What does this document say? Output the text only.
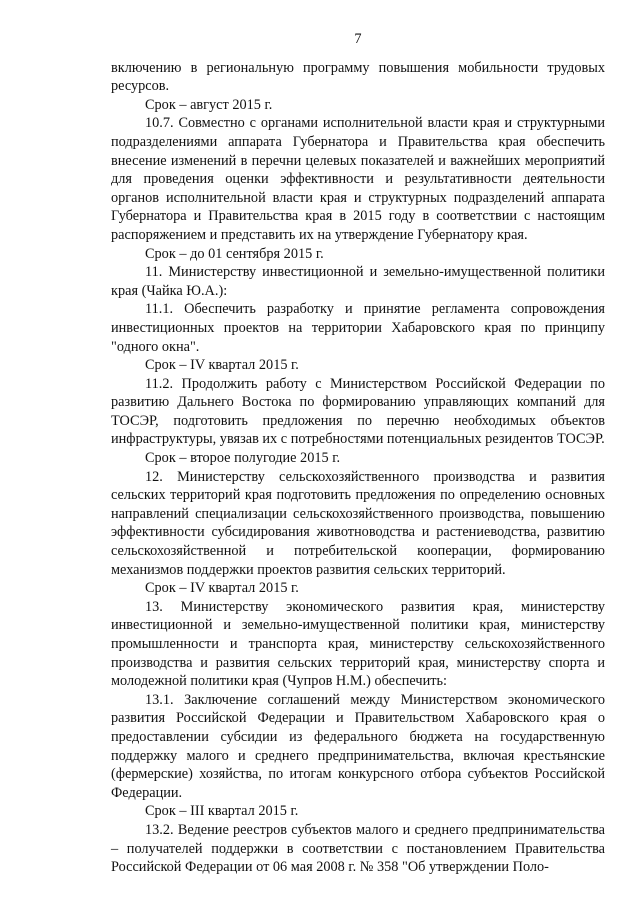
7

включению в региональную программу повышения мобильности трудовых ресурсов.

Срок – август 2015 г.

10.7. Совместно с органами исполнительной власти края и структурными подразделениями аппарата Губернатора и Правительства края обеспечить внесение изменений в перечни целевых показателей и важнейших мероприятий для проведения оценки эффективности и результативности деятельности органов исполнительной власти края и структурных подразделений аппарата Губернатора и Правительства края в 2015 году в соответствии с настоящим распоряжением и представить их на утверждение Губернатору края.

Срок – до 01 сентября 2015 г.

11. Министерству инвестиционной и земельно-имущественной политики края (Чайка Ю.А.):

11.1. Обеспечить разработку и принятие регламента сопровождения инвестиционных проектов на территории Хабаровского края по принципу "одного окна".

Срок – IV квартал 2015 г.

11.2. Продолжить работу с Министерством Российской Федерации по развитию Дальнего Востока по формированию управляющих компаний для ТОСЭР, подготовить предложения по перечню необходимых объектов инфраструктуры, увязав их с потребностями потенциальных резидентов ТОСЭР.

Срок – второе полугодие 2015 г.

12. Министерству сельскохозяйственного производства и развития сельских территорий края подготовить предложения по определению основных направлений специализации сельскохозяйственного производства, повышению эффективности субсидирования животноводства и растениеводства, развитию сельскохозяйственной и потребительской кооперации, формированию механизмов поддержки проектов развития сельских территорий.

Срок – IV квартал 2015 г.

13. Министерству экономического развития края, министерству инвестиционной и земельно-имущественной политики края, министерству промышленности и транспорта края, министерству сельскохозяйственного производства и развития сельских территорий края, министерству спорта и молодежной политики края (Чупров Н.М.) обеспечить:

13.1. Заключение соглашений между Министерством экономического развития Российской Федерации и Правительством Хабаровского края о предоставлении субсидии из федерального бюджета на государственную поддержку малого и среднего предпринимательства, включая крестьянские (фермерские) хозяйства, по итогам конкурсного отбора субъектов Российской Федерации.

Срок – III квартал 2015 г.

13.2. Ведение реестров субъектов малого и среднего предпринимательства – получателей поддержки в соответствии с постановлением Правительства Российской Федерации от 06 мая 2008 г. № 358 "Об утверждении Поло-
